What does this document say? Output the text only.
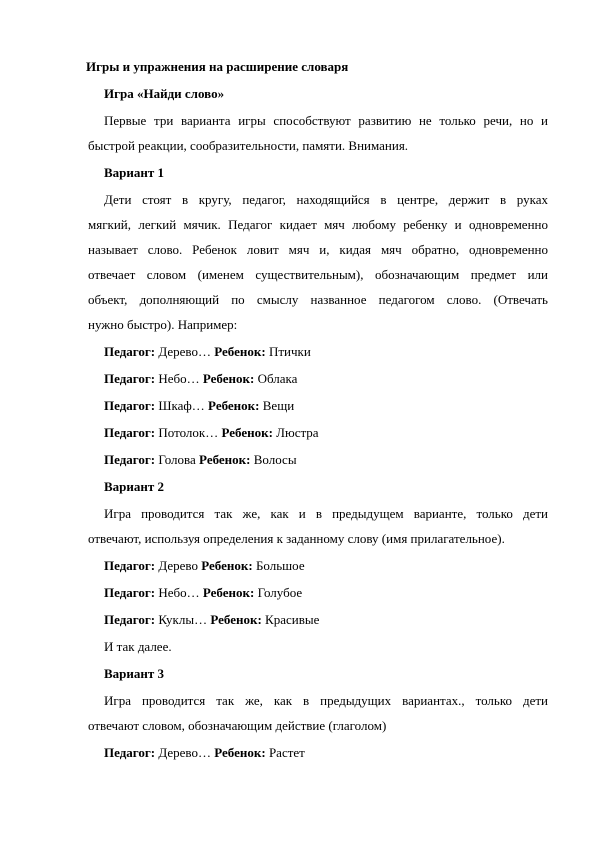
Игры и упражнения на расширение словаря
Игра «Найди слово»
Первые три варианта игры способствуют развитию не только речи, но и
быстрой реакции, сообразительности, памяти. Внимания.
Вариант 1
Дети стоят в кругу, педагог, находящийся в центре, держит в руках
мягкий, легкий мячик. Педагог кидает мяч любому ребенку и одновременно
называет слово. Ребенок ловит мяч и, кидая мяч обратно, одновременно
отвечает словом (именем существительным), обозначающим предмет или
объект, дополняющий по смыслу названное педагогом слово. (Отвечать
нужно быстро). Например:
Педагог: Дерево… Ребенок: Птички
Педагог: Небо… Ребенок: Облака
Педагог: Шкаф… Ребенок: Вещи
Педагог: Потолок… Ребенок: Люстра
Педагог: Голова Ребенок: Волосы
Вариант 2
Игра проводится так же, как и в предыдущем варианте, только дети
отвечают, используя определения к заданному слову (имя прилагательное).
Педагог: Дерево Ребенок: Большое
Педагог: Небо… Ребенок: Голубое
Педагог: Куклы… Ребенок: Красивые
И так далее.
Вариант 3
Игра проводится так же, как в предыдущих вариантах., только дети
отвечают словом, обозначающим действие (глаголом)
Педагог: Дерево… Ребенок: Растет
